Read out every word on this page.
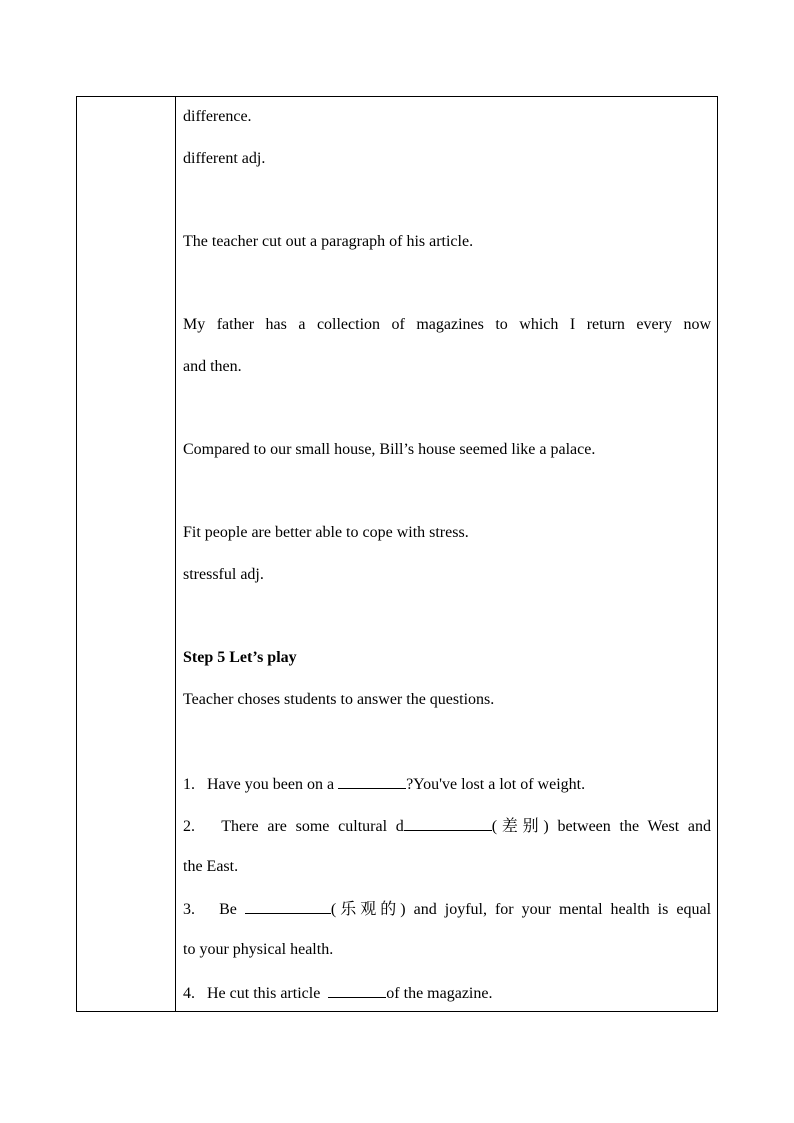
difference.
different adj.
The teacher cut out a paragraph of his article.
My father has a collection of magazines to which I return every now
and then.
Compared to our small house, Bill’s house seemed like a palace.
Fit people are better able to cope with stress.
stressful adj.
Step 5 Let’s play
Teacher choses students to answer the questions.
1. Have you been on a	?You've lost a lot of weight.
2. There are some cultural d	(差别) between the West and
the East.
3. Be	(乐观的) and joyful, for your mental health is equal
to your physical health.
4. He cut this article	of the magazine.
